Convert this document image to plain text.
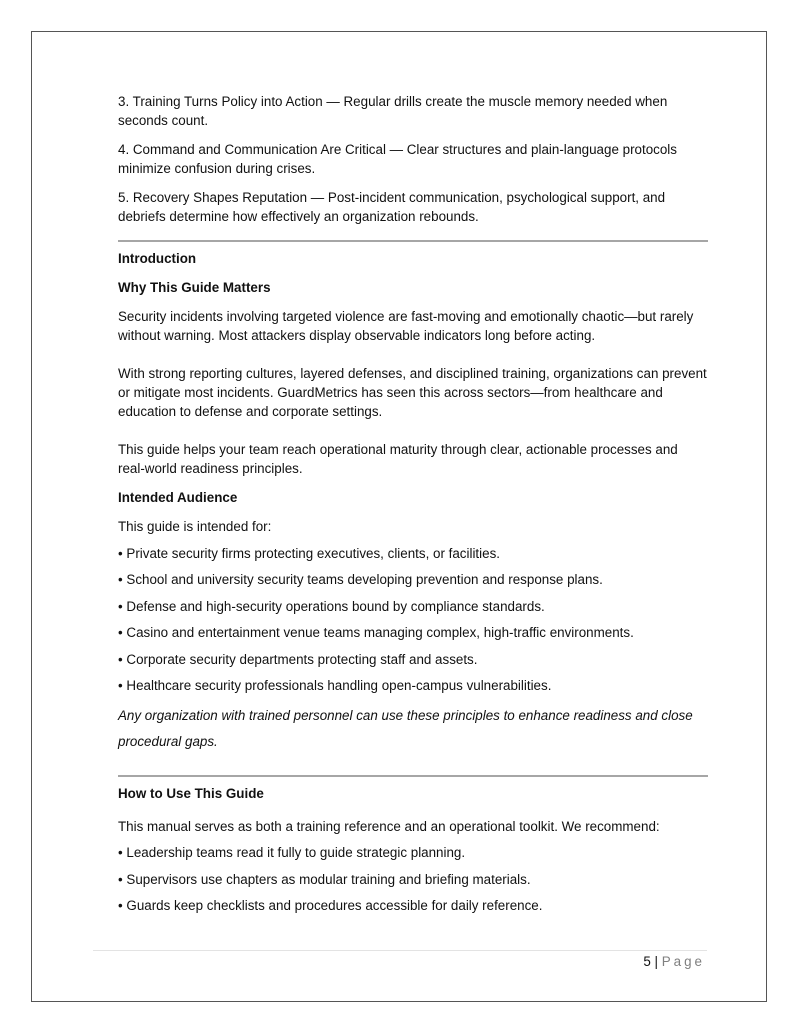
3. Training Turns Policy into Action — Regular drills create the muscle memory needed when seconds count.

4. Command and Communication Are Critical — Clear structures and plain-language protocols minimize confusion during crises.

5. Recovery Shapes Reputation — Post-incident communication, psychological support, and debriefs determine how effectively an organization rebounds.

Introduction

Why This Guide Matters

Security incidents involving targeted violence are fast-moving and emotionally chaotic—but rarely without warning. Most attackers display observable indicators long before acting.

With strong reporting cultures, layered defenses, and disciplined training, organizations can prevent or mitigate most incidents. GuardMetrics has seen this across sectors—from healthcare and education to defense and corporate settings.

This guide helps your team reach operational maturity through clear, actionable processes and real-world readiness principles.

Intended Audience

This guide is intended for:

• Private security firms protecting executives, clients, or facilities.

• School and university security teams developing prevention and response plans.

• Defense and high-security operations bound by compliance standards.

• Casino and entertainment venue teams managing complex, high-traffic environments.

• Corporate security departments protecting staff and assets.

• Healthcare security professionals handling open-campus vulnerabilities.

Any organization with trained personnel can use these principles to enhance readiness and close procedural gaps.

How to Use This Guide

This manual serves as both a training reference and an operational toolkit. We recommend:

• Leadership teams read it fully to guide strategic planning.

• Supervisors use chapters as modular training and briefing materials.

• Guards keep checklists and procedures accessible for daily reference.

5 | Page
